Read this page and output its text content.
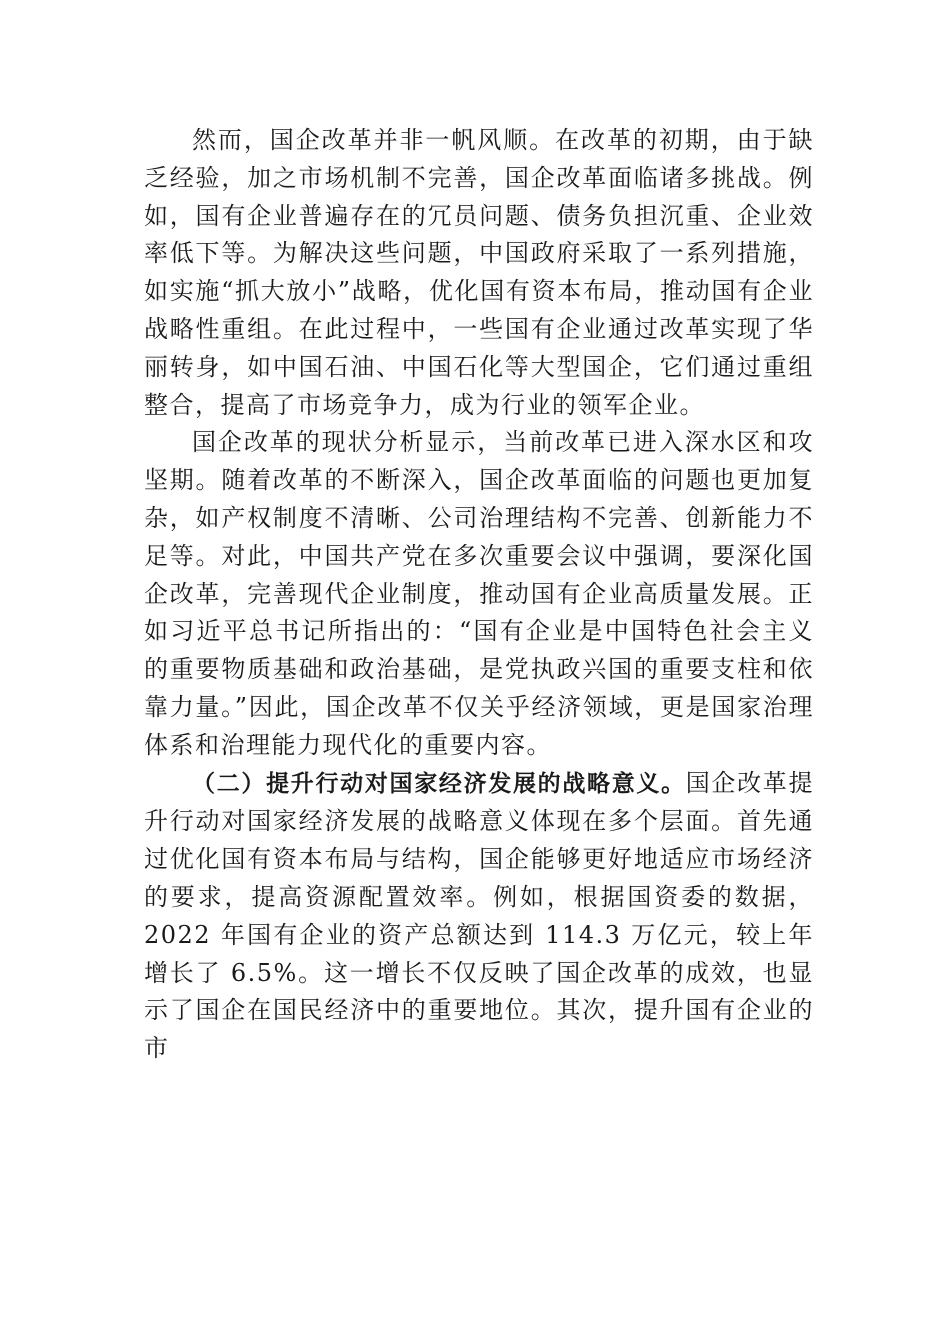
然而，国企改革并非一帆风顺。在改革的初期，由于缺乏经验，加之市场机制不完善，国企改革面临诸多挑战。例如，国有企业普遍存在的冗员问题、债务负担沉重、企业效率低下等。为解决这些问题，中国政府采取了一系列措施，如实施“抓大放小”战略，优化国有资本布局，推动国有企业战略性重组。在此过程中，一些国有企业通过改革实现了华丽转身，如中国石油、中国石化等大型国企，它们通过重组整合，提高了市场竞争力，成为行业的领军企业。

国企改革的现状分析显示，当前改革已进入深水区和攻坚期。随着改革的不断深入，国企改革面临的问题也更加复杂，如产权制度不清晰、公司治理结构不完善、创新能力不足等。对此，中国共产党在多次重要会议中强调，要深化国企改革，完善现代企业制度，推动国有企业高质量发展。正如习近平总书记所指出的：“国有企业是中国特色社会主义的重要物质基础和政治基础，是党执政兴国的重要支柱和依靠力量。”因此，国企改革不仅关乎经济领域，更是国家治理体系和治理能力现代化的重要内容。

（二）提升行动对国家经济发展的战略意义。国企改革提升行动对国家经济发展的战略意义体现在多个层面。首先通过优化国有资本布局与结构，国企能够更好地适应市场经济的要求，提高资源配置效率。例如，根据国资委的数据，2022 年国有企业的资产总额达到 114.3 万亿元，较上年增长了 6.5%。这一增长不仅反映了国企改革的成效，也显示了国企在国民经济中的重要地位。其次，提升国有企业的市
